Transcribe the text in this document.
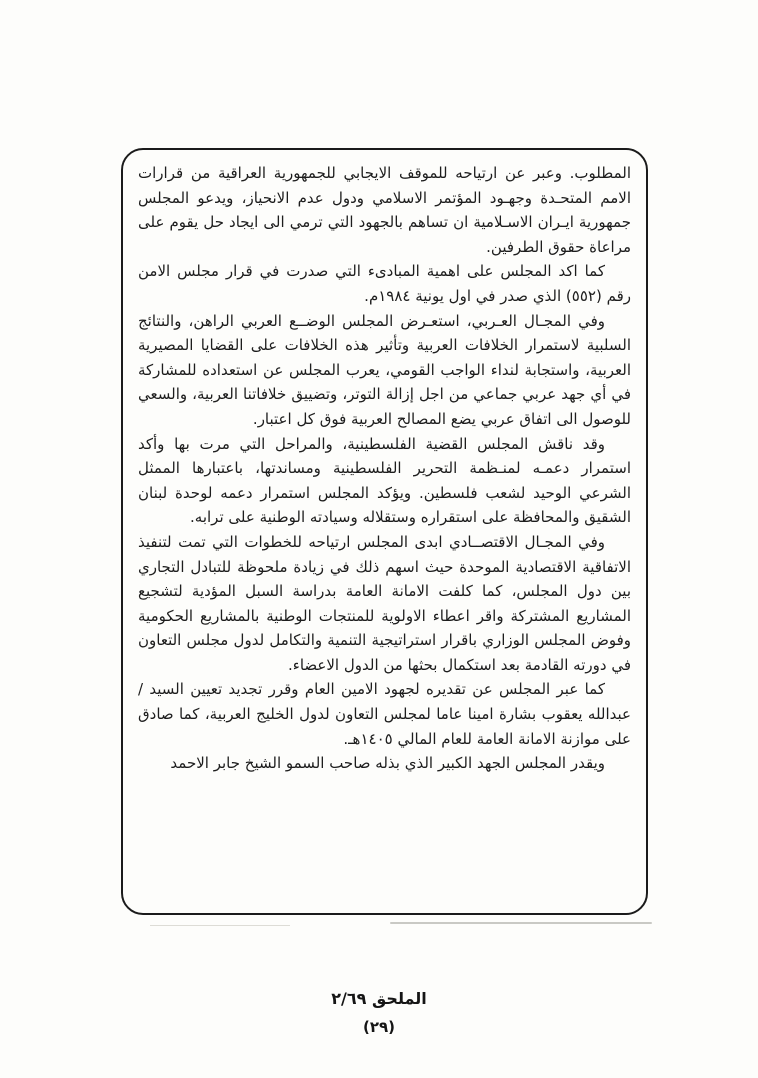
المطلوب. وعبر عن ارتياحه للموقف الايجابي للجمهورية العراقية من قرارات الامم المتحـدة وجهـود المؤتمر الاسلامي ودول عدم الانحياز، ويدعو المجلس جمهورية ايـران الاسـلامية ان تساهم بالجهود التي ترمي الى ايجاد حل يقوم على مراعاة حقوق الطرفين.

كما اكد المجلس على اهمية المبادىء التي صدرت في قرار مجلس الامن رقم (٥٥٢) الذي صدر في اول يونية ١٩٨٤م.

وفي المجـال العـربي، استعـرض المجلس الوضــع العربي الراهن، والنتائج السلبية لاستمرار الخلافات العربية وتأثير هذه الخلافات على القضايا المصيرية العربية، واستجابة لنداء الواجب القومي، يعرب المجلس عن استعداده للمشاركة في أي جهد عربي جماعي من اجل إزالة التوتر، وتضييق خلافاتنا العربية، والسعي للوصول الى اتفاق عربي يضع المصالح العربية فوق كل اعتبار.

وقد ناقش المجلس القضية الفلسطينية، والمراحل التي مرت بها وأكد استمرار دعمـه لمنـظمة التحرير الفلسطينية ومساندتها، باعتبارها الممثل الشرعي الوحيد لشعب فلسطين. ويؤكد المجلس استمرار دعمه لوحدة لبنان الشقيق والمحافظة على استقراره وستقلاله وسيادته الوطنية على ترابه.

وفي المجـال الاقتصــادي ابدى المجلس ارتياحه للخطوات التي تمت لتنفيذ الاتفاقية الاقتصادية الموحدة حيث اسهم ذلك في زيادة ملحوظة للتبادل التجاري بين دول المجلس، كما كلفت الامانة العامة بدراسة السبل المؤدية لتشجيع المشاريع المشتركة واقر اعطاء الاولوية للمنتجات الوطنية بالمشاريع الحكومية وفوض المجلس الوزاري باقرار استراتيجية التنمية والتكامل لدول مجلس التعاون في دورته القادمة بعد استكمال بحثها من الدول الاعضاء.

كما عبر المجلس عن تقديره لجهود الامين العام وقرر تجديد تعيين السيد / عبدالله يعقوب بشارة امينا عاما لمجلس التعاون لدول الخليج العربية، كما صادق على موازنة الامانة العامة للعام المالي ١٤٠٥هـ.

ويقدر المجلس الجهد الكبير الذي بذله صاحب السمو الشيخ جابر الاحمد

الملحق ٢/٦٩
(٢٩)
